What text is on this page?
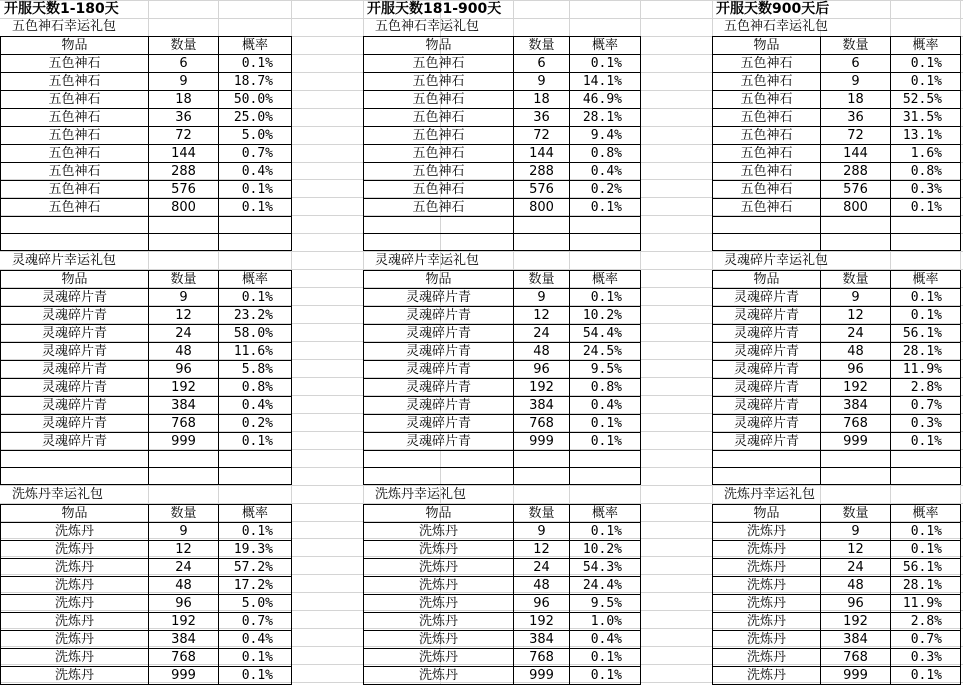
开服天数1-180天
五色神石幸运礼包
物品	数量	概率
五色神石	6	0.1%
五色神石	9	18.7%
五色神石	18	50.0%
五色神石	36	25.0%
五色神石	72	5.0%
五色神石	144	0.7%
五色神石	288	0.4%
五色神石	576	0.1%
五色神石	800	0.1%

灵魂碎片幸运礼包
物品	数量	概率
灵魂碎片青	9	0.1%
灵魂碎片青	12	23.2%
灵魂碎片青	24	58.0%
灵魂碎片青	48	11.6%
灵魂碎片青	96	5.8%
灵魂碎片青	192	0.8%
灵魂碎片青	384	0.4%
灵魂碎片青	768	0.2%
灵魂碎片青	999	0.1%

洗炼丹幸运礼包
物品	数量	概率
洗炼丹	9	0.1%
洗炼丹	12	19.3%
洗炼丹	24	57.2%
洗炼丹	48	17.2%
洗炼丹	96	5.0%
洗炼丹	192	0.7%
洗炼丹	384	0.4%
洗炼丹	768	0.1%
洗炼丹	999	0.1%
开服天数181-900天
五色神石幸运礼包
物品	数量	概率
五色神石	6	0.1%
五色神石	9	14.1%
五色神石	18	46.9%
五色神石	36	28.1%
五色神石	72	9.4%
五色神石	144	0.8%
五色神石	288	0.4%
五色神石	576	0.2%
五色神石	800	0.1%

灵魂碎片幸运礼包
物品	数量	概率
灵魂碎片青	9	0.1%
灵魂碎片青	12	10.2%
灵魂碎片青	24	54.4%
灵魂碎片青	48	24.5%
灵魂碎片青	96	9.5%
灵魂碎片青	192	0.8%
灵魂碎片青	384	0.4%
灵魂碎片青	768	0.1%
灵魂碎片青	999	0.1%

洗炼丹幸运礼包
物品	数量	概率
洗炼丹	9	0.1%
洗炼丹	12	10.2%
洗炼丹	24	54.3%
洗炼丹	48	24.4%
洗炼丹	96	9.5%
洗炼丹	192	1.0%
洗炼丹	384	0.4%
洗炼丹	768	0.1%
洗炼丹	999	0.1%
开服天数900天后
五色神石幸运礼包
物品	数量	概率
五色神石	6	0.1%
五色神石	9	0.1%
五色神石	18	52.5%
五色神石	36	31.5%
五色神石	72	13.1%
五色神石	144	1.6%
五色神石	288	0.8%
五色神石	576	0.3%
五色神石	800	0.1%

灵魂碎片幸运礼包
物品	数量	概率
灵魂碎片青	9	0.1%
灵魂碎片青	12	0.1%
灵魂碎片青	24	56.1%
灵魂碎片青	48	28.1%
灵魂碎片青	96	11.9%
灵魂碎片青	192	2.8%
灵魂碎片青	384	0.7%
灵魂碎片青	768	0.3%
灵魂碎片青	999	0.1%

洗炼丹幸运礼包
物品	数量	概率
洗炼丹	9	0.1%
洗炼丹	12	0.1%
洗炼丹	24	56.1%
洗炼丹	48	28.1%
洗炼丹	96	11.9%
洗炼丹	192	2.8%
洗炼丹	384	0.7%
洗炼丹	768	0.3%
洗炼丹	999	0.1%
